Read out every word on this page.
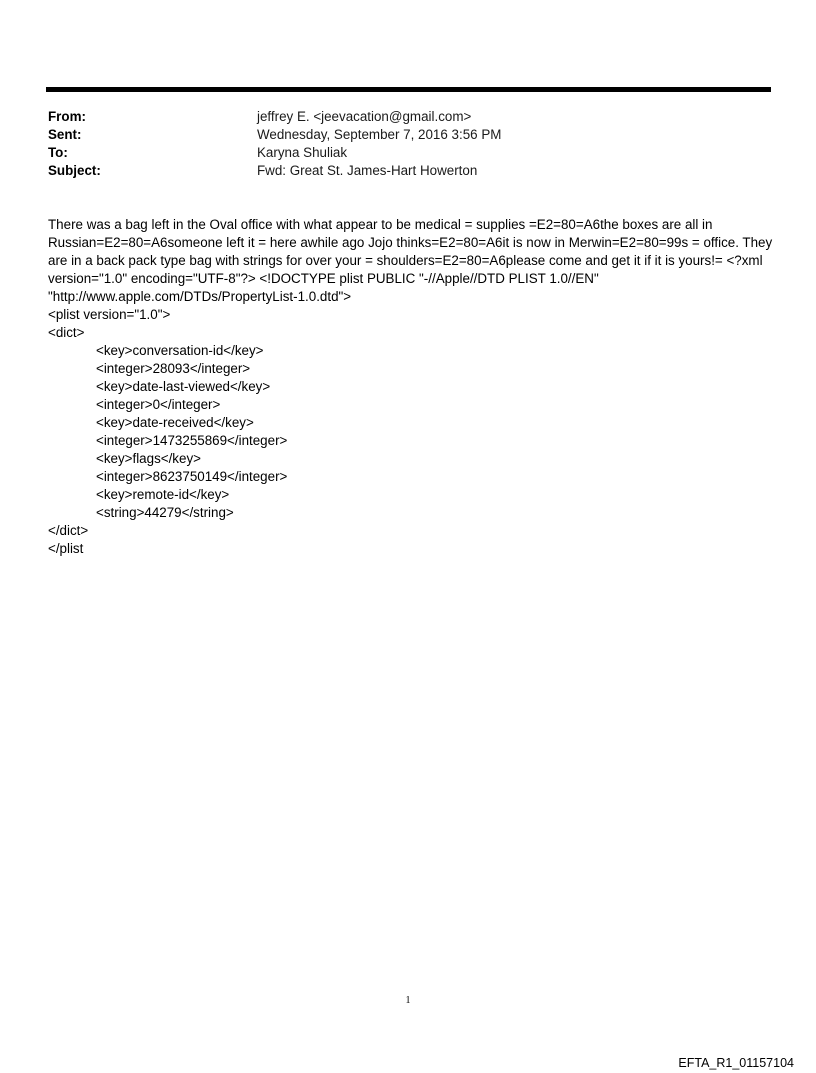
From:	jeffrey E. <jeevacation@gmail.com>
Sent:	Wednesday, September 7, 2016 3:56 PM
To:	Karyna Shuliak
Subject:	Fwd: Great St. James-Hart Howerton

There was a bag left in the Oval office with what appear to be medical = supplies =E2=80=A6the boxes are all in Russian=E2=80=A6someone left it = here awhile ago Jojo thinks=E2=80=A6it is now in Merwin=E2=80=99s = office. They are in a back pack type bag with strings for over your = shoulders=E2=80=A6please come and get it if it is yours!= <?xml version="1.0" encoding="UTF-8"?> <!DOCTYPE plist PUBLIC "-//Apple//DTD PLIST 1.0//EN" "http://www.apple.com/DTDs/PropertyList-1.0.dtd">

<plist version="1.0">
<dict>
<key>conversation-id</key>
<integer>28093</integer>
<key>date-last-viewed</key>
<integer>0</integer>
<key>date-received</key>
<integer>1473255869</integer>
<key>flags</key>
<integer>8623750149</integer>
<key>remote-id</key>
<string>44279</string>
</dict>
</plist
1
EFTA_R1_01157104
